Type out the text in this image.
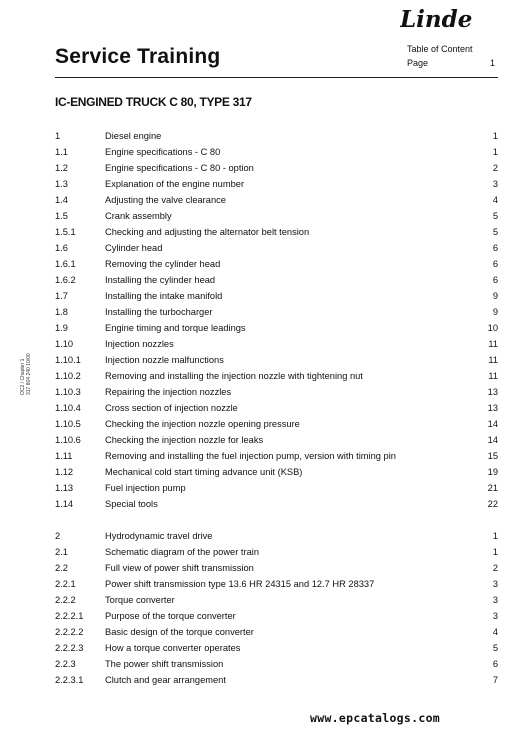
Linde
Service Training	Table of Content
Page	1
IC-ENGINED TRUCK C 80, TYPE 317
OC2 / Chapter 1 317 804 240 10/00
1	Diesel engine	1
1.1	Engine specifications - C 80	1
1.2	Engine specifications - C 80 - option	2
1.3	Explanation of the engine number	3
1.4	Adjusting the valve clearance	4
1.5	Crank assembly	5
1.5.1	Checking and adjusting the alternator belt tension	5
1.6	Cylinder head	6
1.6.1	Removing the cylinder head	6
1.6.2	Installing the cylinder head	6
1.7	Installing the intake manifold	9
1.8	Installing the turbocharger	9
1.9	Engine timing and torque leadings	10
1.10	Injection nozzles	11
1.10.1	Injection nozzle malfunctions	11
1.10.2	Removing and installing the injection nozzle with tightening nut	11
1.10.3	Repairing the injection nozzles	13
1.10.4	Cross section of injection nozzle	13
1.10.5	Checking the injection nozzle opening pressure	14
1.10.6	Checking the injection nozzle for leaks	14
1.11	Removing and installing the fuel injection pump, version with timing pin	15
1.12	Mechanical cold start timing advance unit (KSB)	19
1.13	Fuel injection pump	21
1.14	Special tools	22
2	Hydrodynamic travel drive	1
2.1	Schematic diagram of the power train	1
2.2	Full view of power shift transmission	2
2.2.1	Power shift transmission type 13.6 HR 24315 and 12.7 HR 28337	3
2.2.2	Torque converter	3
2.2.2.1	Purpose of the torque converter	3
2.2.2.2	Basic design of the torque converter	4
2.2.2.3	How a torque converter operates	5
2.2.3	The power shift transmission	6
2.2.3.1	Clutch and gear arrangement	7
www.epcatalogs.com
